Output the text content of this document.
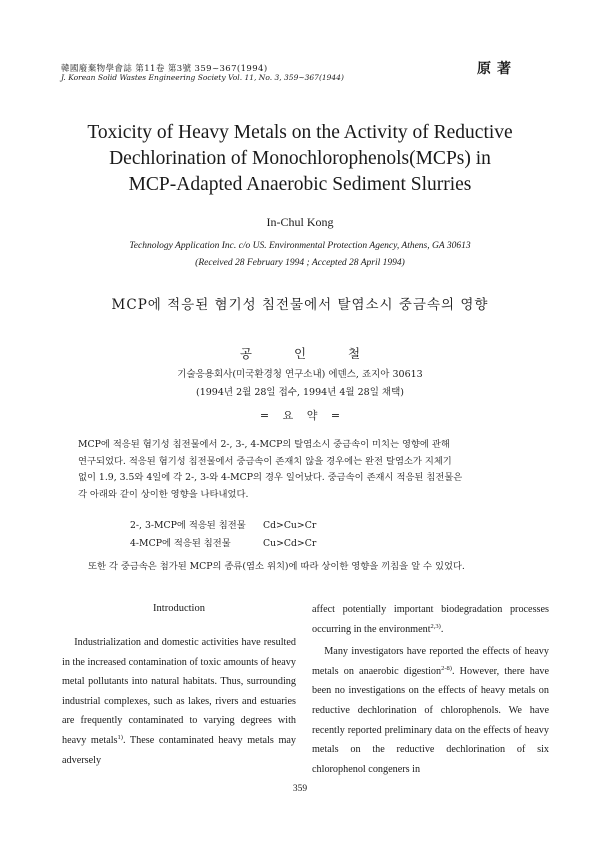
韓國廢棄物學會誌 第11卷 第3號 359~367(1994)
J. Korean Solid Wastes Engineering Society Vol. 11, No. 3, 359~367(1944)
原著
Toxicity of Heavy Metals on the Activity of Reductive
Dechlorination of Monochlorophenols(MCPs) in
MCP-Adapted Anaerobic Sediment Slurries
In-Chul Kong
Technology Application Inc. c/o US. Environmental Protection Agency, Athens, GA 30613
(Received 28 February 1994 ; Accepted 28 April 1994)
MCP에 적응된 혐기성 침전물에서 탈염소시 중금속의 영향
공 인 철
기술응용회사(미국환경청 연구소내) 에덴스, 죠지아 30613
(1994년 2월 28일 접수, 1994년 4월 28일 채택)
= 요 약 =

MCP에 적응된 혐기성 침전물에서 2-, 3-, 4-MCP의 탈염소시 중금속이 미치는 영향에 관해

연구되었다. 적응된 혐기성 침전물에서 중금속이 존재치 않을 경우에는 완전 탈염소가 지체기

없이 1.9, 3.5와 4일에 각 2-, 3-와 4-MCP의 경우 일어났다. 중금속이 존재시 적응된 침전물은

각 아래와 같이 상이한 영향을 나타내었다.

2-, 3-MCP에 적응된 침전물 Cd>Cu>Cr
4-MCP에 적응된 침전물	Cu>Cd>Cr
또한 각 중금속은 첨가된 MCP의 종류(염소 위치)에 따라 상이한 영향을 끼침을 알 수 있었다.
Introduction

Industrialization and domestic activities have resulted in the increased contamination of toxic amounts of heavy metal pollutants into natural habitats. Thus, surrounding industrial complexes, such as lakes, rivers and estuaries are frequently contaminated to varying degrees with heavy metals$^{1)}$. These contaminated heavy metals may adversely

affect potentially important biodegradation processes occurring in the environment$^{2,3)}$.

Many investigators have reported the effects of heavy metals on anaerobic digestion$^{2-8)}$. However, there have been no investigations on the effects of heavy metals on reductive dechlorination of chlorophenols. We have recently reported preliminary data on the effects of heavy metals on the reductive dechlorination of six chlorophenol congeners in

359
